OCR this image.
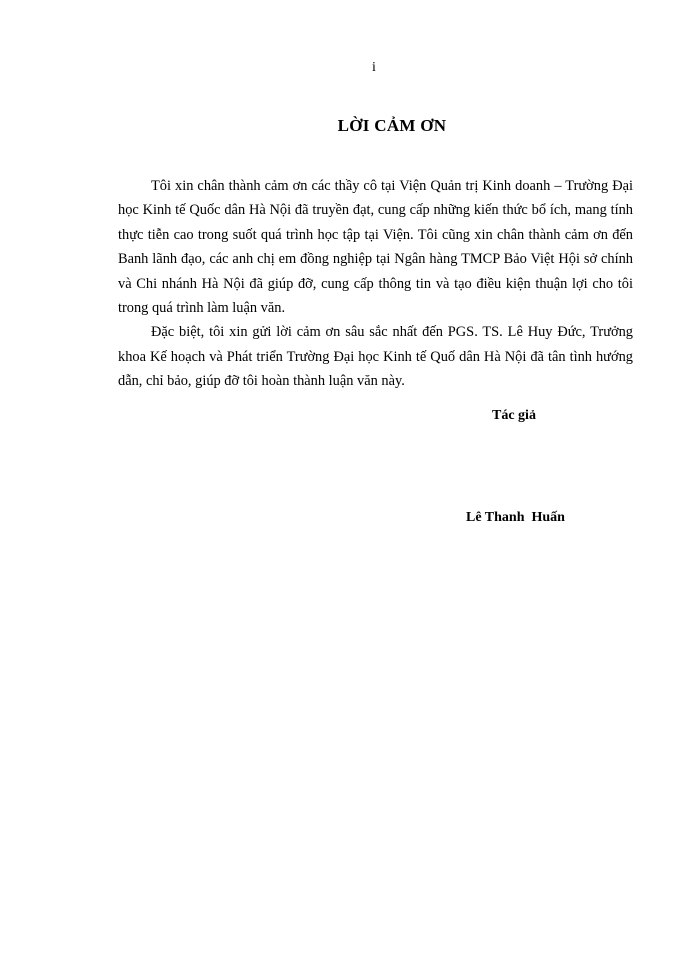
i
LỜI CẢM ƠN

Tôi xin chân thành cảm ơn các thầy cô tại Viện Quản trị Kinh doanh – Trường Đại học Kinh tế Quốc dân Hà Nội đã truyền đạt, cung cấp những kiến thức bổ ích, mang tính thực tiễn cao trong suốt quá trình học tập tại Viện. Tôi cũng xin chân thành cảm ơn đến Banh lãnh đạo, các anh chị em đồng nghiệp tại Ngân hàng TMCP Bảo Việt Hội sở chính và Chi nhánh Hà Nội đã giúp đỡ, cung cấp thông tin và tạo điều kiện thuận lợi cho tôi trong quá trình làm luận văn.

Đặc biệt, tôi xin gửi lời cảm ơn sâu sắc nhất đến PGS. TS. Lê Huy Đức, Trưởng khoa Kế hoạch và Phát triển Trường Đại học Kinh tế Quố dân Hà Nội đã tân tình hướng dẫn, chỉ bảo, giúp đỡ tôi hoàn thành luận văn này.

Tác giả
Lê Thanh  Huấn
